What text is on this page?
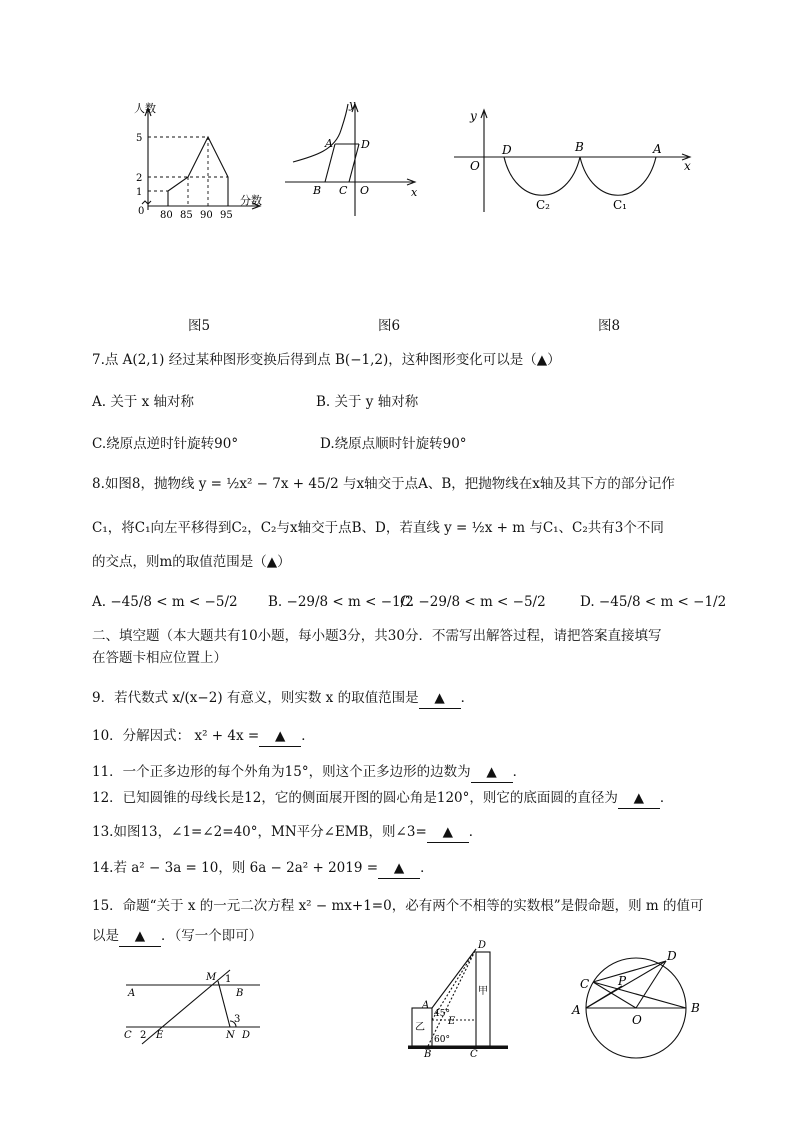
人数
5
2
1
0 80 85 90 95
分数
y
x
A	D
B C O
y
x
O
D	B	A
C₂	C₁
图5	图6	图8
7.点 A(2,1) 经过某种图形变换后得到点 B(−1,2)，这种图形变化可以是（▲）
A. 关于 x 轴对称	B. 关于 y 轴对称
C.绕原点逆时针旋转90°	D.绕原点顺时针旋转90°
8.如图8，抛物线 y = ½x² − 7x + 45/2 与x轴交于点A、B，把抛物线在x轴及其下方的部分记作
C₁，将C₁向左平移得到C₂，C₂与x轴交于点B、D，若直线 y = ½x + m 与C₁、C₂共有3个不同
的交点，则m的取值范围是（▲）
A. −45/8 < m < −5/2 B. −29/8 < m < −1/2
C. −29/8 < m < −5/2	D. −45/8 < m < −1/2
二、填空题（本大题共有10小题，每小题3分，共30分．不需写出解答过程，请把答案直接填写
在答题卡相应位置上）
9．若代数式 x/(x−2) 有意义，则实数 x 的取值范围是 ▲ ．
10．分解因式： x² + 4x = ▲ ．
11．一个正多边形的每个外角为15°，则这个正多边形的边数为 ▲ ．
12．已知圆锥的母线长是12，它的侧面展开图的圆心角是120°，则它的底面圆的直径为 ▲ ．
13.如图13，∠1=∠2=40°，MN平分∠EMB，则∠3= ▲ ．
14.若 a² − 3a = 10，则 6a − 2a² + 2019 = ▲ ．
15．命题“关于 x 的一元二次方程 x² − mx+1=0，必有两个不相等的实数根”是假命题，则 m 的值可
以是 ▲ ．（写一个即可）
A	B
C 2 E	N D
M 1
3
D
A
E
45°
60°
B	C
乙
甲
C
D
P
A
O
B
